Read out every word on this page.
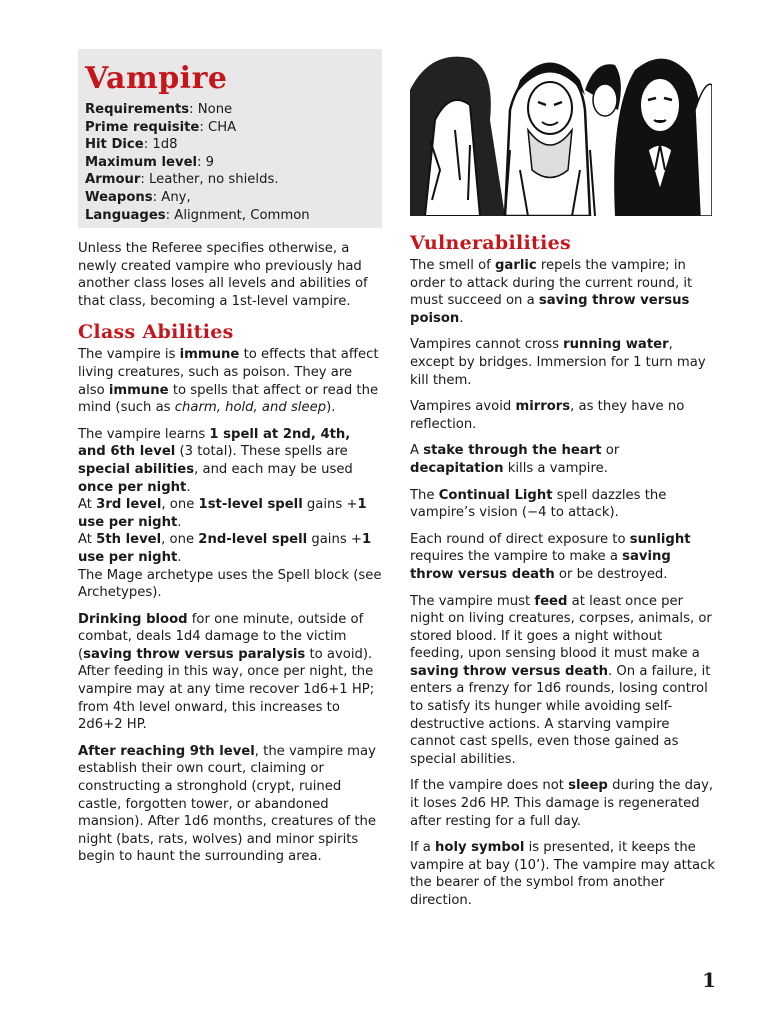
Vampire
Requirements: None
Prime requisite: CHA
Hit Dice: 1d8
Maximum level: 9
Armour: Leather, no shields.
Weapons: Any,
Languages: Alignment, Common

Unless the Referee specifies otherwise, a newly created vampire who previously had another class loses all levels and abilities of that class, becoming a 1st-level vampire.

Class Abilities

The vampire is immune to effects that affect living creatures, such as poison. They are also immune to spells that affect or read the mind (such as charm, hold, and sleep).

The vampire learns 1 spell at 2nd, 4th, and 6th level (3 total). These spells are special abilities, and each may be used once per night.
At 3rd level, one 1st-level spell gains +1 use per night.
At 5th level, one 2nd-level spell gains +1 use per night.
The Mage archetype uses the Spell block (see Archetypes).

Drinking blood for one minute, outside of combat, deals 1d4 damage to the victim (saving throw versus paralysis to avoid). After feeding in this way, once per night, the vampire may at any time recover 1d6+1 HP; from 4th level onward, this increases to 2d6+2 HP.

After reaching 9th level, the vampire may establish their own court, claiming or constructing a stronghold (crypt, ruined castle, forgotten tower, or abandoned mansion). After 1d6 months, creatures of the night (bats, rats, wolves) and minor spirits begin to haunt the surrounding area.

Vulnerabilities

The smell of garlic repels the vampire; in order to attack during the current round, it must succeed on a saving throw versus poison.

Vampires cannot cross running water, except by bridges. Immersion for 1 turn may kill them.

Vampires avoid mirrors, as they have no reflection.

A stake through the heart or decapitation kills a vampire.

The Continual Light spell dazzles the vampire’s vision (−4 to attack).

Each round of direct exposure to sunlight requires the vampire to make a saving throw versus death or be destroyed.

The vampire must feed at least once per night on living creatures, corpses, animals, or stored blood. If it goes a night without feeding, upon sensing blood it must make a saving throw versus death. On a failure, it enters a frenzy for 1d6 rounds, losing control to satisfy its hunger while avoiding self-destructive actions. A starving vampire cannot cast spells, even those gained as special abilities.

If the vampire does not sleep during the day, it loses 2d6 HP. This damage is regenerated after resting for a full day.

If a holy symbol is presented, it keeps the vampire at bay (10’). The vampire may attack the bearer of the symbol from another direction.

1
